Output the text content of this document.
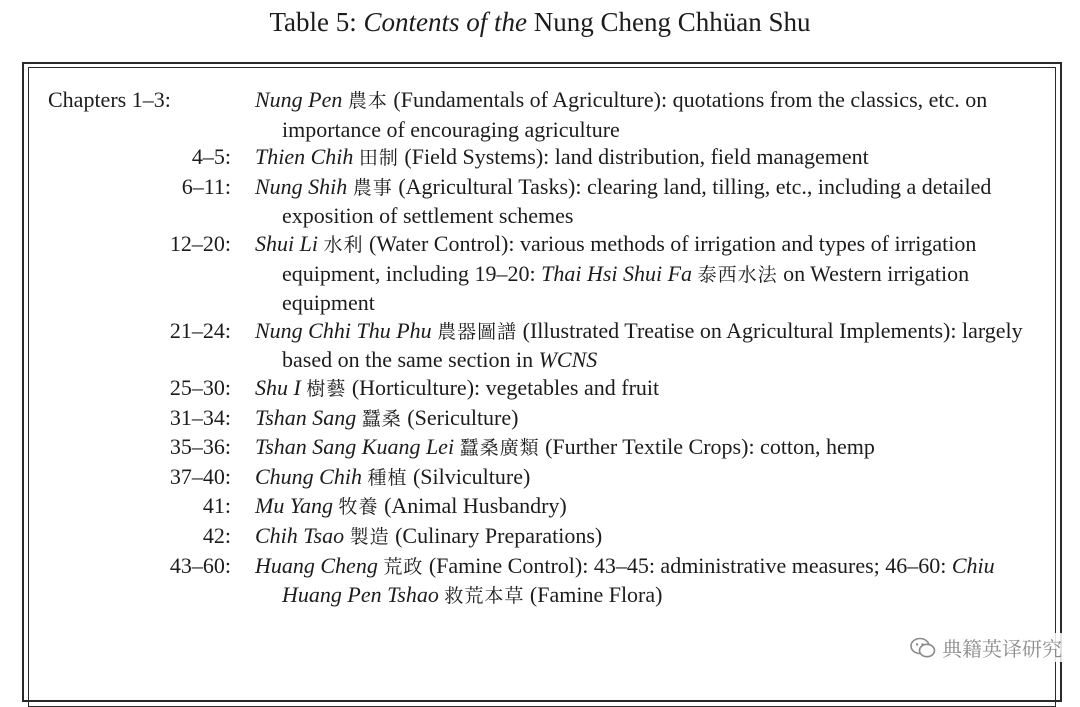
Table 5: Contents of the Nung Cheng Chhüan Shu
Chapters 1–3:	Nung Pen 農本 (Fundamentals of Agriculture): quotations from the classics, etc. on importance of encouraging agriculture
4–5:	Thien Chih 田制 (Field Systems): land distribution, field management
6–11:	Nung Shih 農事 (Agricultural Tasks): clearing land, tilling, etc., including a detailed exposition of settlement schemes
12–20:	Shui Li 水利 (Water Control): various methods of irrigation and types of irrigation equipment, including 19–20: Thai Hsi Shui Fa 泰西水法 on Western irrigation equipment
21–24:	Nung Chhi Thu Phu 農器圖譜 (Illustrated Treatise on Agricultural Implements): largely based on the same section in WCNS
25–30:	Shu I 樹藝 (Horticulture): vegetables and fruit
31–34:	Tshan Sang 蠶桑 (Sericulture)
35–36:	Tshan Sang Kuang Lei 蠶桑廣類 (Further Textile Crops): cotton, hemp
37–40:	Chung Chih 種植 (Silviculture)
41:	Mu Yang 牧養 (Animal Husbandry)
42:	Chih Tsao 製造 (Culinary Preparations)
43–60:	Huang Cheng 荒政 (Famine Control): 43–45: administrative measures; 46–60: Chiu Huang Pen Tshao 救荒本草 (Famine Flora)
典籍英译研究
